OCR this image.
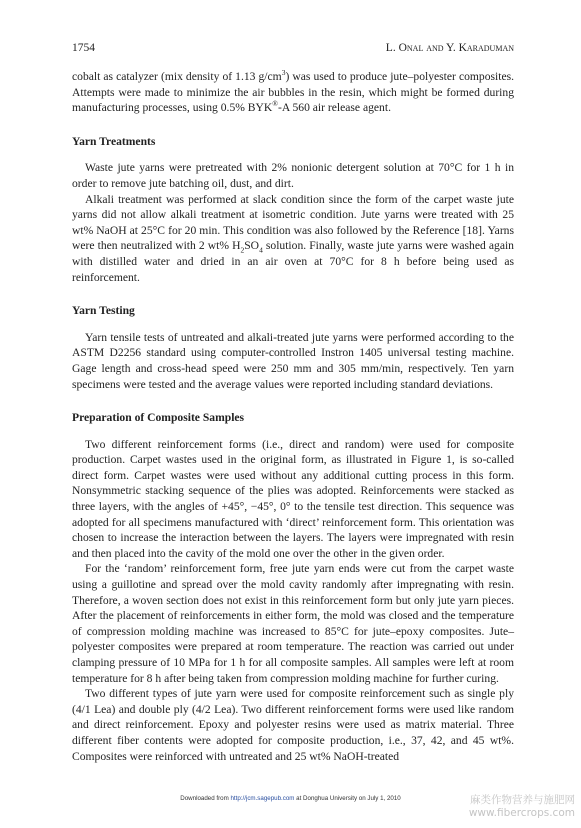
1754	L. Onal and Y. Karaduman

cobalt as catalyzer (mix density of 1.13 $g/cm^3$) was used to produce jute–polyester composites. Attempts were made to minimize the air bubbles in the resin, which might be formed during manufacturing processes, using 0.5% BYK®-A 560 air release agent.

Yarn Treatments

Waste jute yarns were pretreated with 2% nonionic detergent solution at 70°C for 1 h in order to remove jute batching oil, dust, and dirt.

Alkali treatment was performed at slack condition since the form of the carpet waste jute yarns did not allow alkali treatment at isometric condition. Jute yarns were treated with 25 wt% NaOH at 25°C for 20 min. This condition was also followed by the Reference [18]. Yarns were then neutralized with 2 wt% $H_2SO_4$ solution. Finally, waste jute yarns were washed again with distilled water and dried in an air oven at 70°C for 8 h before being used as reinforcement.

Yarn Testing

Yarn tensile tests of untreated and alkali-treated jute yarns were performed according to the ASTM D2256 standard using computer-controlled Instron 1405 universal testing machine. Gage length and cross-head speed were 250 mm and 305 mm/min, respectively. Ten yarn specimens were tested and the average values were reported including standard deviations.

Preparation of Composite Samples

Two different reinforcement forms (i.e., direct and random) were used for composite production. Carpet wastes used in the original form, as illustrated in Figure 1, is so-called direct form. Carpet wastes were used without any additional cutting process in this form. Nonsymmetric stacking sequence of the plies was adopted. Reinforcements were stacked as three layers, with the angles of +45°, −45°, 0° to the tensile test direction. This sequence was adopted for all specimens manufactured with ‘direct’ reinforcement form. This orientation was chosen to increase the interaction between the layers. The layers were impregnated with resin and then placed into the cavity of the mold one over the other in the given order.

For the ‘random’ reinforcement form, free jute yarn ends were cut from the carpet waste using a guillotine and spread over the mold cavity randomly after impregnating with resin. Therefore, a woven section does not exist in this reinforcement form but only jute yarn pieces. After the placement of reinforcements in either form, the mold was closed and the temperature of compression molding machine was increased to 85°C for jute–epoxy composites. Jute–polyester composites were prepared at room temperature. The reaction was carried out under clamping pressure of 10 MPa for 1 h for all composite samples. All samples were left at room temperature for 8 h after being taken from compression molding machine for further curing.

Two different types of jute yarn were used for composite reinforcement such as single ply (4/1 Lea) and double ply (4/2 Lea). Two different reinforcement forms were used like random and direct reinforcement. Epoxy and polyester resins were used as matrix material. Three different fiber contents were adopted for composite production, i.e., 37, 42, and 45 wt%. Composites were reinforced with untreated and 25 wt% NaOH-treated

Downloaded from http://jcm.sagepub.com at Donghua University on July 1, 2010	麻类作物营养与施肥网
www.fibercrops.com
